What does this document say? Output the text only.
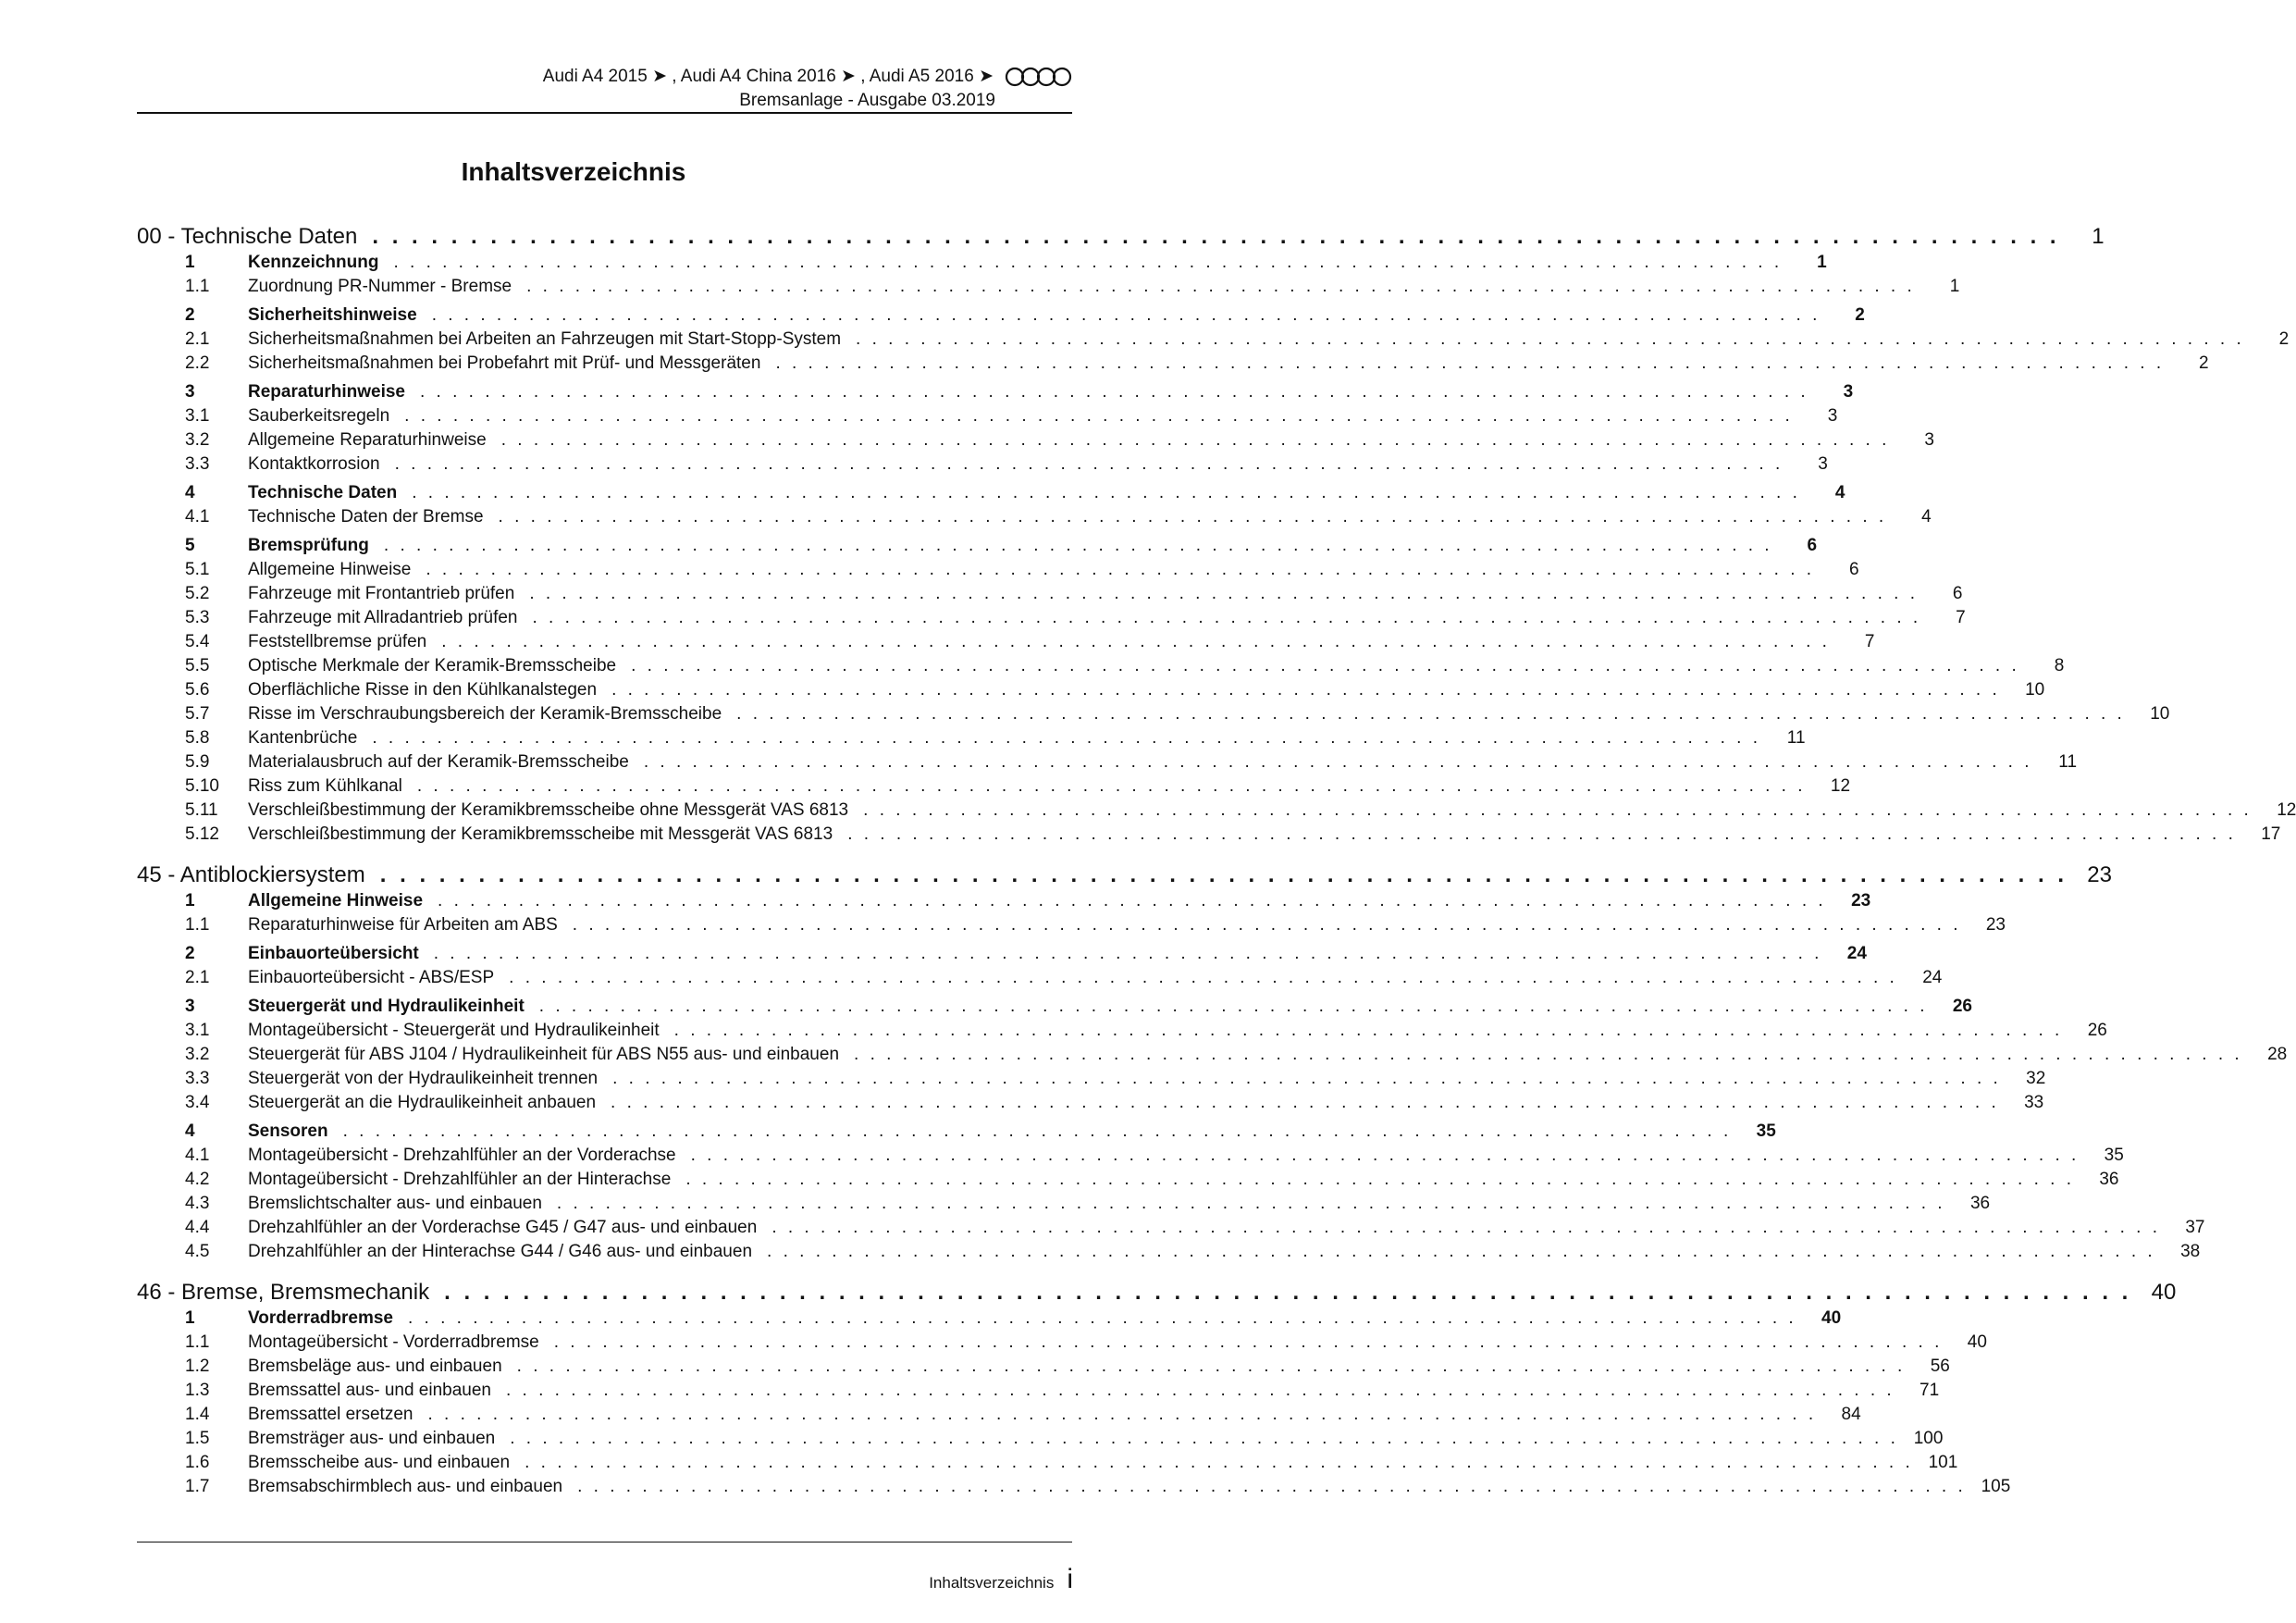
Audi A4 2015 ➤ , Audi A4 China 2016 ➤ , Audi A5 2016 ➤
Bremsanlage - Ausgabe 03.2019
Inhaltsverzeichnis
00 - Technische Daten . . . . . . . . . . . . . . . . . . . . . . . . . . . . . . . . . . . . . . . . . . . . . . . . . . . . . . . . . . . . . . . . . . . . . . . . . . . . . . . . . . . . . .	1
1	Kennzeichnung . . . . . . . . . . . . . . . . . . . . . . . . . . . . . . . . . . . . . . . . . . . . . . . . . . . . . . . . . . . . . . . . . . . . . . . . . . . . . . . . . . . . . .	1
1.1	Zuordnung PR-Nummer - Bremse . . . . . . . . . . . . . . . . . . . . . . . . . . . . . . . . . . . . . . . . . . . . . . . . . . . . . . . . . . . . . . . . . . . . . . . . . . . . . . . . . . . . . .	1
2	Sicherheitshinweise . . . . . . . . . . . . . . . . . . . . . . . . . . . . . . . . . . . . . . . . . . . . . . . . . . . . . . . . . . . . . . . . . . . . . . . . . . . . . . . . . . . . . .	2
2.1	Sicherheitsmaßnahmen bei Arbeiten an Fahrzeugen mit Start-Stopp-System . . . . . . . . . . . . . . . . . . . . . . . . . . . . . . . . . . . . . . . . . . . . . . . . . . . . . . . . . . . . . . . . . . . . . . . . . . . . . . . . . . . . . .	2
2.2	Sicherheitsmaßnahmen bei Probefahrt mit Prüf- und Messgeräten . . . . . . . . . . . . . . . . . . . . . . . . . . . . . . . . . . . . . . . . . . . . . . . . . . . . . . . . . . . . . . . . . . . . . . . . . . . . . . . . . . . . . .	2
3	Reparaturhinweise . . . . . . . . . . . . . . . . . . . . . . . . . . . . . . . . . . . . . . . . . . . . . . . . . . . . . . . . . . . . . . . . . . . . . . . . . . . . . . . . . . . . . .	3
3.1	Sauberkeitsregeln . . . . . . . . . . . . . . . . . . . . . . . . . . . . . . . . . . . . . . . . . . . . . . . . . . . . . . . . . . . . . . . . . . . . . . . . . . . . . . . . . . . . . .	3
3.2	Allgemeine Reparaturhinweise . . . . . . . . . . . . . . . . . . . . . . . . . . . . . . . . . . . . . . . . . . . . . . . . . . . . . . . . . . . . . . . . . . . . . . . . . . . . . . . . . . . . . .	3
3.3	Kontaktkorrosion . . . . . . . . . . . . . . . . . . . . . . . . . . . . . . . . . . . . . . . . . . . . . . . . . . . . . . . . . . . . . . . . . . . . . . . . . . . . . . . . . . . . . .	3
4	Technische Daten . . . . . . . . . . . . . . . . . . . . . . . . . . . . . . . . . . . . . . . . . . . . . . . . . . . . . . . . . . . . . . . . . . . . . . . . . . . . . . . . . . . . . .	4
4.1	Technische Daten der Bremse . . . . . . . . . . . . . . . . . . . . . . . . . . . . . . . . . . . . . . . . . . . . . . . . . . . . . . . . . . . . . . . . . . . . . . . . . . . . . . . . . . . . . .	4
5	Bremsprüfung . . . . . . . . . . . . . . . . . . . . . . . . . . . . . . . . . . . . . . . . . . . . . . . . . . . . . . . . . . . . . . . . . . . . . . . . . . . . . . . . . . . . . .	6
5.1	Allgemeine Hinweise . . . . . . . . . . . . . . . . . . . . . . . . . . . . . . . . . . . . . . . . . . . . . . . . . . . . . . . . . . . . . . . . . . . . . . . . . . . . . . . . . . . . . .	6
5.2	Fahrzeuge mit Frontantrieb prüfen . . . . . . . . . . . . . . . . . . . . . . . . . . . . . . . . . . . . . . . . . . . . . . . . . . . . . . . . . . . . . . . . . . . . . . . . . . . . . . . . . . . . . .	6
5.3	Fahrzeuge mit Allradantrieb prüfen . . . . . . . . . . . . . . . . . . . . . . . . . . . . . . . . . . . . . . . . . . . . . . . . . . . . . . . . . . . . . . . . . . . . . . . . . . . . . . . . . . . . . .	7
5.4	Feststellbremse prüfen . . . . . . . . . . . . . . . . . . . . . . . . . . . . . . . . . . . . . . . . . . . . . . . . . . . . . . . . . . . . . . . . . . . . . . . . . . . . . . . . . . . . . .	7
5.5	Optische Merkmale der Keramik-Bremsscheibe . . . . . . . . . . . . . . . . . . . . . . . . . . . . . . . . . . . . . . . . . . . . . . . . . . . . . . . . . . . . . . . . . . . . . . . . . . . . . . . . . . . . . .	8
5.6	Oberflächliche Risse in den Kühlkanalstegen . . . . . . . . . . . . . . . . . . . . . . . . . . . . . . . . . . . . . . . . . . . . . . . . . . . . . . . . . . . . . . . . . . . . . . . . . . . . . . . . . . . . . .	10
5.7	Risse im Verschraubungsbereich der Keramik-Bremsscheibe . . . . . . . . . . . . . . . . . . . . . . . . . . . . . . . . . . . . . . . . . . . . . . . . . . . . . . . . . . . . . . . . . . . . . . . . . . . . . . . . . . . . . .	10
5.8	Kantenbrüche . . . . . . . . . . . . . . . . . . . . . . . . . . . . . . . . . . . . . . . . . . . . . . . . . . . . . . . . . . . . . . . . . . . . . . . . . . . . . . . . . . . . . .	11
5.9	Materialausbruch auf der Keramik-Bremsscheibe . . . . . . . . . . . . . . . . . . . . . . . . . . . . . . . . . . . . . . . . . . . . . . . . . . . . . . . . . . . . . . . . . . . . . . . . . . . . . . . . . . . . . .	11
5.10	Riss zum Kühlkanal . . . . . . . . . . . . . . . . . . . . . . . . . . . . . . . . . . . . . . . . . . . . . . . . . . . . . . . . . . . . . . . . . . . . . . . . . . . . . . . . . . . . . .	12
5.11	Verschleißbestimmung der Keramikbremsscheibe ohne Messgerät VAS 6813 . . . . . . . . . . . . . . . . . . . . . . . . . . . . . . . . . . . . . . . . . . . . . . . . . . . . . . . . . . . . . . . . . . . . . . . . . . . . . . . . . . . . . .	12
5.12	Verschleißbestimmung der Keramikbremsscheibe mit Messgerät VAS 6813 . . . . . . . . . . . . . . . . . . . . . . . . . . . . . . . . . . . . . . . . . . . . . . . . . . . . . . . . . . . . . . . . . . . . . . . . . . . . . . . . . . . . . .	17
45 - Antiblockiersystem . . . . . . . . . . . . . . . . . . . . . . . . . . . . . . . . . . . . . . . . . . . . . . . . . . . . . . . . . . . . . . . . . . . . . . . . . . . . . . . . . . . . . . 23
1	Allgemeine Hinweise . . . . . . . . . . . . . . . . . . . . . . . . . . . . . . . . . . . . . . . . . . . . . . . . . . . . . . . . . . . . . . . . . . . . . . . . . . . . . . . . . . . . . .	23
1.1	Reparaturhinweise für Arbeiten am ABS . . . . . . . . . . . . . . . . . . . . . . . . . . . . . . . . . . . . . . . . . . . . . . . . . . . . . . . . . . . . . . . . . . . . . . . . . . . . . . . . . . . . . .	23
2	Einbauorteübersicht . . . . . . . . . . . . . . . . . . . . . . . . . . . . . . . . . . . . . . . . . . . . . . . . . . . . . . . . . . . . . . . . . . . . . . . . . . . . . . . . . . . . . .	24
2.1	Einbauorteübersicht - ABS/ESP . . . . . . . . . . . . . . . . . . . . . . . . . . . . . . . . . . . . . . . . . . . . . . . . . . . . . . . . . . . . . . . . . . . . . . . . . . . . . . . . . . . . . .	24
3	Steuergerät und Hydraulikeinheit . . . . . . . . . . . . . . . . . . . . . . . . . . . . . . . . . . . . . . . . . . . . . . . . . . . . . . . . . . . . . . . . . . . . . . . . . . . . . . . . . . . . . .	26
3.1	Montageübersicht - Steuergerät und Hydraulikeinheit . . . . . . . . . . . . . . . . . . . . . . . . . . . . . . . . . . . . . . . . . . . . . . . . . . . . . . . . . . . . . . . . . . . . . . . . . . . . . . . . . . . . . .	26
3.2	Steuergerät für ABS J104 / Hydraulikeinheit für ABS N55 aus- und einbauen . . . . . . . . . . . . . . . . . . . . . . . . . . . . . . . . . . . . . . . . . . . . . . . . . . . . . . . . . . . . . . . . . . . . . . . . . . . . . . . . . . . . . .	28
3.3	Steuergerät von der Hydraulikeinheit trennen . . . . . . . . . . . . . . . . . . . . . . . . . . . . . . . . . . . . . . . . . . . . . . . . . . . . . . . . . . . . . . . . . . . . . . . . . . . . . . . . . . . . . .	32
3.4	Steuergerät an die Hydraulikeinheit anbauen . . . . . . . . . . . . . . . . . . . . . . . . . . . . . . . . . . . . . . . . . . . . . . . . . . . . . . . . . . . . . . . . . . . . . . . . . . . . . . . . . . . . . .	33
4	Sensoren . . . . . . . . . . . . . . . . . . . . . . . . . . . . . . . . . . . . . . . . . . . . . . . . . . . . . . . . . . . . . . . . . . . . . . . . . . . . . . . . . . . . . .	35
4.1	Montageübersicht - Drehzahlfühler an der Vorderachse . . . . . . . . . . . . . . . . . . . . . . . . . . . . . . . . . . . . . . . . . . . . . . . . . . . . . . . . . . . . . . . . . . . . . . . . . . . . . . . . . . . . . .	35
4.2	Montageübersicht - Drehzahlfühler an der Hinterachse . . . . . . . . . . . . . . . . . . . . . . . . . . . . . . . . . . . . . . . . . . . . . . . . . . . . . . . . . . . . . . . . . . . . . . . . . . . . . . . . . . . . . .	36
4.3	Bremslichtschalter aus- und einbauen . . . . . . . . . . . . . . . . . . . . . . . . . . . . . . . . . . . . . . . . . . . . . . . . . . . . . . . . . . . . . . . . . . . . . . . . . . . . . . . . . . . . . .	36
4.4	Drehzahlfühler an der Vorderachse G45 / G47 aus- und einbauen . . . . . . . . . . . . . . . . . . . . . . . . . . . . . . . . . . . . . . . . . . . . . . . . . . . . . . . . . . . . . . . . . . . . . . . . . . . . . . . . . . . . . .	37
4.5	Drehzahlfühler an der Hinterachse G44 / G46 aus- und einbauen . . . . . . . . . . . . . . . . . . . . . . . . . . . . . . . . . . . . . . . . . . . . . . . . . . . . . . . . . . . . . . . . . . . . . . . . . . . . . . . . . . . . . .	38
46 - Bremse, Bremsmechanik . . . . . . . . . . . . . . . . . . . . . . . . . . . . . . . . . . . . . . . . . . . . . . . . . . . . . . . . . . . . . . . . . . . . . . . . . . . . . . . . . . . . . . 40
1	Vorderradbremse . . . . . . . . . . . . . . . . . . . . . . . . . . . . . . . . . . . . . . . . . . . . . . . . . . . . . . . . . . . . . . . . . . . . . . . . . . . . . . . . . . . . . .	40
1.1	Montageübersicht - Vorderradbremse . . . . . . . . . . . . . . . . . . . . . . . . . . . . . . . . . . . . . . . . . . . . . . . . . . . . . . . . . . . . . . . . . . . . . . . . . . . . . . . . . . . . . .	40
1.2	Bremsbeläge aus- und einbauen . . . . . . . . . . . . . . . . . . . . . . . . . . . . . . . . . . . . . . . . . . . . . . . . . . . . . . . . . . . . . . . . . . . . . . . . . . . . . . . . . . . . . .	56
1.3	Bremssattel aus- und einbauen . . . . . . . . . . . . . . . . . . . . . . . . . . . . . . . . . . . . . . . . . . . . . . . . . . . . . . . . . . . . . . . . . . . . . . . . . . . . . . . . . . . . . .	71
1.4	Bremssattel ersetzen . . . . . . . . . . . . . . . . . . . . . . . . . . . . . . . . . . . . . . . . . . . . . . . . . . . . . . . . . . . . . . . . . . . . . . . . . . . . . . . . . . . . . .	84
1.5	Bremsträger aus- und einbauen . . . . . . . . . . . . . . . . . . . . . . . . . . . . . . . . . . . . . . . . . . . . . . . . . . . . . . . . . . . . . . . . . . . . . . . . . . . . . . . . . . . . . . 100
1.6	Bremsscheibe aus- und einbauen . . . . . . . . . . . . . . . . . . . . . . . . . . . . . . . . . . . . . . . . . . . . . . . . . . . . . . . . . . . . . . . . . . . . . . . . . . . . . . . . . . . . . . 101
1.7	Bremsabschirmblech aus- und einbauen . . . . . . . . . . . . . . . . . . . . . . . . . . . . . . . . . . . . . . . . . . . . . . . . . . . . . . . . . . . . . . . . . . . . . . . . . . . . . . . . . . . . . . 105
Inhaltsverzeichnis i
